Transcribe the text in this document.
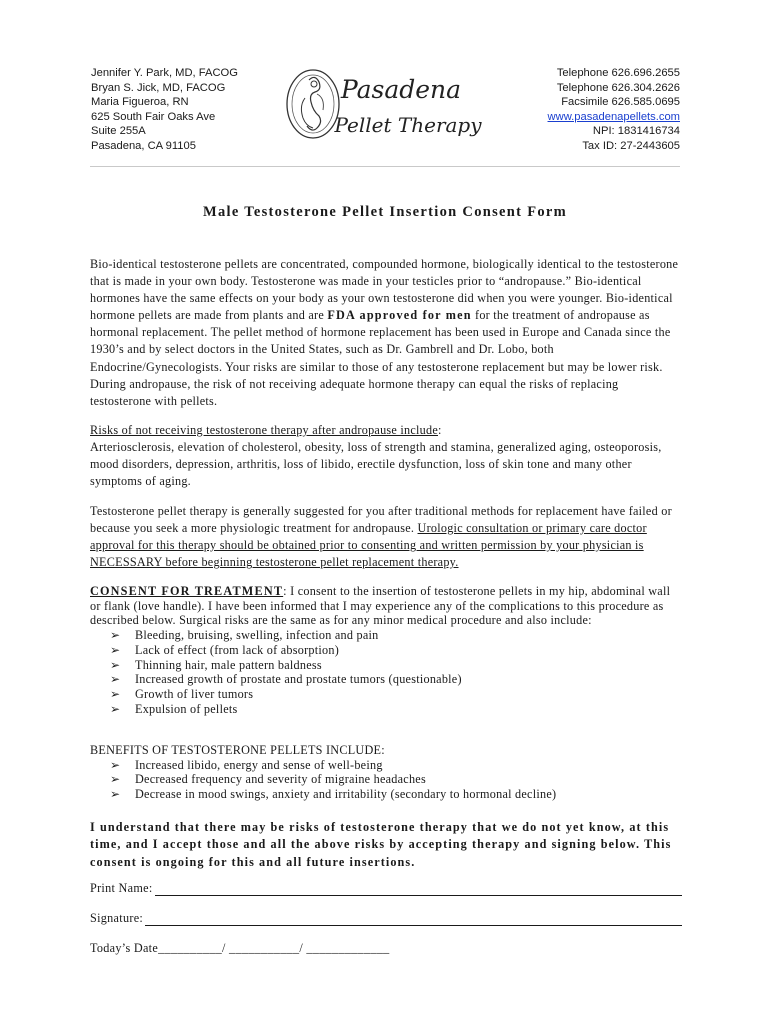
Jennifer Y. Park, MD, FACOG
Bryan S. Jick, MD, FACOG
Maria Figueroa, RN
625 South Fair Oaks Ave
Suite 255A
Pasadena, CA 91105
Pasadena
Pellet Therapy
Telephone 626.696.2655
Telephone 626.304.2626
Facsimile 626.585.0695
www.pasadenapellets.com
NPI: 1831416734
Tax ID: 27-2443605
Male Testosterone Pellet Insertion Consent Form
Bio-identical testosterone pellets are concentrated, compounded hormone, biologically identical to the testosterone that is made in your own body. Testosterone was made in your testicles prior to “andropause.” Bio-identical hormones have the same effects on your body as your own testosterone did when you were younger. Bio-identical hormone pellets are made from plants and are FDA approved for men for the treatment of andropause as hormonal replacement. The pellet method of hormone replacement has been used in Europe and Canada since the 1930’s and by select doctors in the United States, such as Dr. Gambrell and Dr. Lobo, both Endocrine/Gynecologists. Your risks are similar to those of any testosterone replacement but may be lower risk. During andropause, the risk of not receiving adequate hormone therapy can equal the risks of replacing testosterone with pellets.
Risks of not receiving testosterone therapy after andropause include:
Arteriosclerosis, elevation of cholesterol, obesity, loss of strength and stamina, generalized aging, osteoporosis, mood disorders, depression, arthritis, loss of libido, erectile dysfunction, loss of skin tone and many other symptoms of aging.
Testosterone pellet therapy is generally suggested for you after traditional methods for replacement have failed or because you seek a more physiologic treatment for andropause. Urologic consultation or primary care doctor approval for this therapy should be obtained prior to consenting and written permission by your physician is NECESSARY before beginning testosterone pellet replacement therapy.
CONSENT FOR TREATMENT: I consent to the insertion of testosterone pellets in my hip, abdominal wall or flank (love handle). I have been informed that I may experience any of the complications to this procedure as described below. Surgical risks are the same as for any minor medical procedure and also include:
➢ Bleeding, bruising, swelling, infection and pain
➢ Lack of effect (from lack of absorption)
➢ Thinning hair, male pattern baldness
➢ Increased growth of prostate and prostate tumors (questionable)
➢ Growth of liver tumors
➢ Expulsion of pellets
BENEFITS OF TESTOSTERONE PELLETS INCLUDE:
➢ Increased libido, energy and sense of well-being
➢ Decreased frequency and severity of migraine headaches
➢ Decrease in mood swings, anxiety and irritability (secondary to hormonal decline)
I understand that there may be risks of testosterone therapy that we do not yet know, at this time, and I accept those and all the above risks by accepting therapy and signing below. This consent is ongoing for this and all future insertions.
Print Name:
Signature:
Today’s Date __________/ ___________/ _____________
